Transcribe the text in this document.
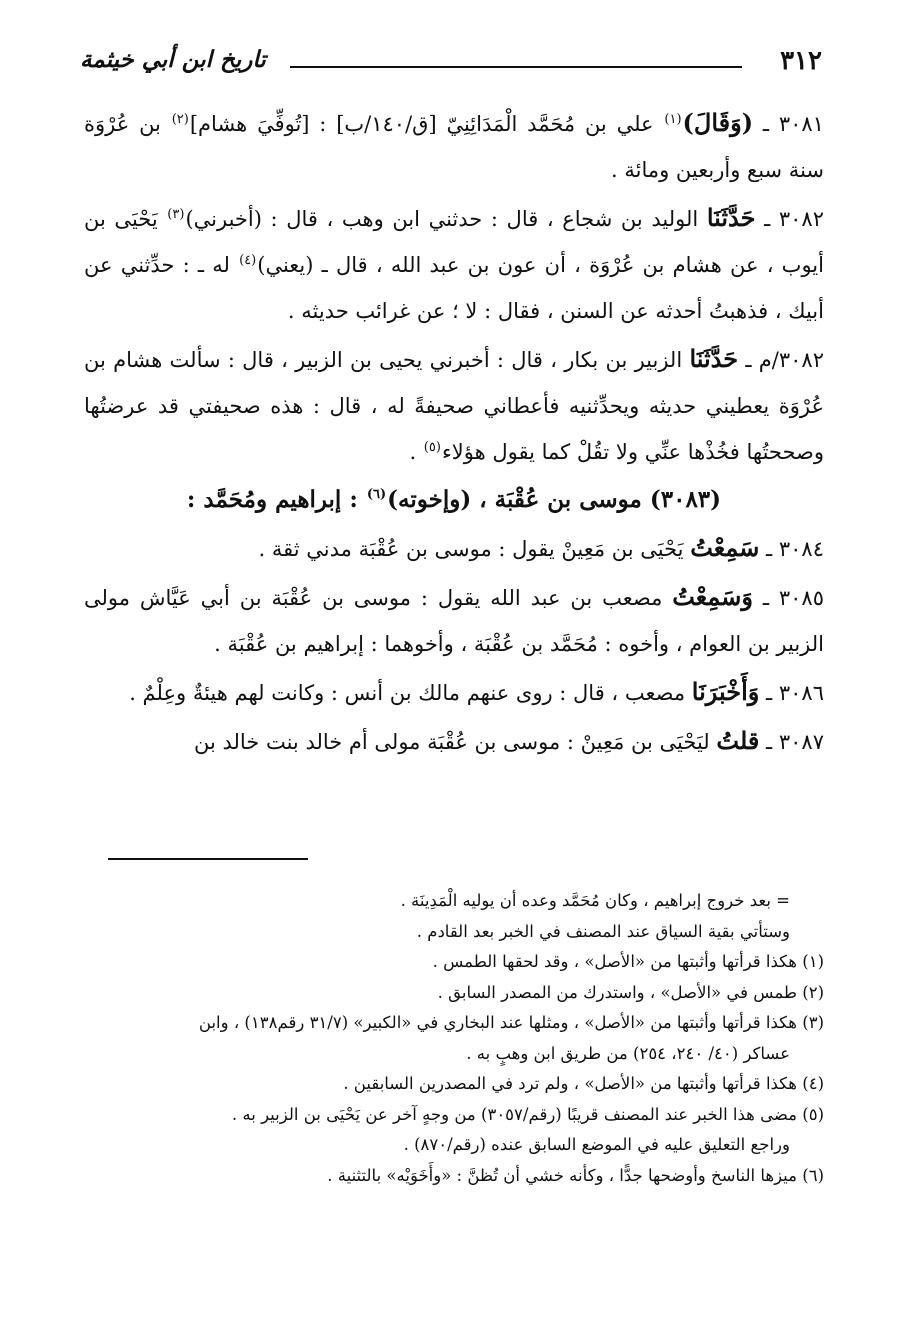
٣١٢
تاريخ ابن أبي خيثمة

٣٠٨١ ـ (وَقَالَ)$^{(١)}$ علي بن مُحَمَّد الْمَدَائِنِيّ [ق/١٤٠/ب] : [تُوفِّيَ هشام]$^{(٢)}$ بن عُرْوَة سنة سبع وأربعين ومائة .

٣٠٨٢ ـ حَدَّثَنَا الوليد بن شجاع ، قال : حدثني ابن وهب ، قال : (أخبرني)$^{(٣)}$ يَحْيَى بن أيوب ، عن هشام بن عُرْوَة ، أن عون بن عبد الله ، قال ـ (يعني)$^{(٤)}$ له ـ : حدِّثني عن أبيك ، فذهبتُ أحدثه عن السنن ، فقال : لا ؛ عن غرائب حديثه .

٣٠٨٢/م ـ حَدَّثَنَا الزبير بن بكار ، قال : أخبرني يحيى بن الزبير ، قال : سألت هشام بن عُرْوَة يعطيني حديثه ويحدِّثنيه فأعطاني صحيفةً له ، قال : هذه صحيفتي قد عرضتُها وصححتُها فخُذْها عنِّي ولا تقُلْ كما يقول هؤلاء$^{(٥)}$ .

(٣٠٨٣) موسى بن عُقْبَة ، (وإخوته)$^{(٦)}$ : إبراهيم ومُحَمَّد :

٣٠٨٤ ـ سَمِعْتُ يَحْيَى بن مَعِينْ يقول : موسى بن عُقْبَة مدني ثقة .

٣٠٨٥ ـ وَسَمِعْتُ مصعب بن عبد الله يقول : موسى بن عُقْبَة بن أبي عَيَّاش مولى الزبير بن العوام ، وأخوه : مُحَمَّد بن عُقْبَة ، وأخوهما : إبراهيم بن عُقْبَة .

٣٠٨٦ ـ وَأَخْبَرَنَا مصعب ، قال : روى عنهم مالك بن أنس : وكانت لهم هيئةٌ وعِلْمٌ .

٣٠٨٧ ـ قلتُ ليَحْيَى بن مَعِينْ : موسى بن عُقْبَة مولى أم خالد بنت خالد بن

= بعد خروج إبراهيم ، وكان مُحَمَّد وعده أن يوليه الْمَدِينَة .

وستأتي بقية السياق عند المصنف في الخبر بعد القادم .

(١) هكذا قرأتها وأثبتها من «الأصل» ، وقد لحقها الطمس .

(٢) طمس في «الأصل» ، واستدرك من المصدر السابق .

(٣) هكذا قرأتها وأثبتها من «الأصل» ، ومثلها عند البخاري في «الكبير» (٣١/٧ رقم١٣٨) ، وابن

عساكر (٤٠/ ٢٤٠، ٢٥٤) من طريق ابن وهبٍ به .

(٤) هكذا قرأتها وأثبتها من «الأصل» ، ولم ترد في المصدرين السابقين .

(٥) مضى هذا الخبر عند المصنف قريبًا (رقم/٣٠٥٧) من وجهٍ آخر عن يَحْيَى بن الزبير به .

وراجع التعليق عليه في الموضع السابق عنده (رقم/٨٧٠) .

(٦) ميزها الناسخ وأوضحها جدًّا ، وكأنه خشي أن تُظنَّ : «وأَخَوَيْه» بالتثنية .
